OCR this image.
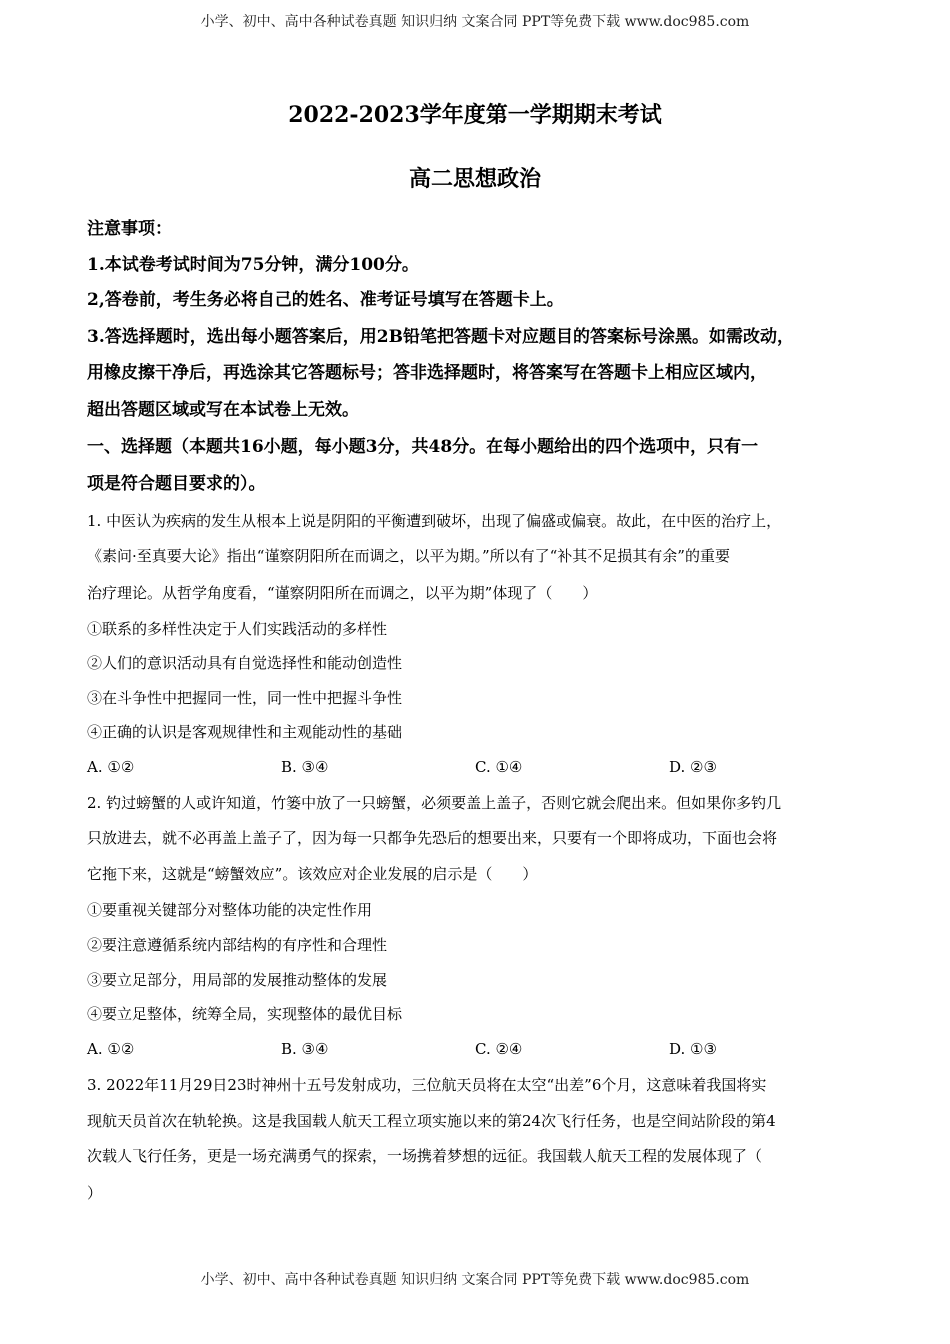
小学、初中、高中各种试卷真题 知识归纳 文案合同 PPT等免费下载 www.doc985.com
2022-2023学年度第一学期期末考试
高二思想政治
注意事项：
1.本试卷考试时间为75分钟，满分100分。
2,答卷前，考生务必将自己的姓名、准考证号填写在答题卡上。
3.答选择题时，选出每小题答案后，用2B铅笔把答题卡对应题目的答案标号涂黑。如需改动，
用橡皮擦干净后，再选涂其它答题标号；答非选择题时，将答案写在答题卡上相应区域内，
超出答题区域或写在本试卷上无效。
一、选择题（本题共16小题，每小题3分，共48分。在每小题给出的四个选项中，只有一
项是符合题目要求的）。
1. 中医认为疾病的发生从根本上说是阴阳的平衡遭到破坏，出现了偏盛或偏衰。故此，在中医的治疗上，
《素问·至真要大论》指出“谨察阴阳所在而调之，以平为期。”所以有了“补其不足损其有余”的重要
治疗理论。从哲学角度看，“谨察阴阳所在而调之，以平为期”体现了（　　）
①联系的多样性决定于人们实践活动的多样性
②人们的意识活动具有自觉选择性和能动创造性
③在斗争性中把握同一性，同一性中把握斗争性
④正确的认识是客观规律性和主观能动性的基础
A. ①②	B. ③④	C. ①④	D. ②③
2. 钓过螃蟹的人或许知道，竹篓中放了一只螃蟹，必须要盖上盖子，否则它就会爬出来。但如果你多钓几
只放进去，就不必再盖上盖子了，因为每一只都争先恐后的想要出来，只要有一个即将成功，下面也会将
它拖下来，这就是“螃蟹效应”。该效应对企业发展的启示是（　　）
①要重视关键部分对整体功能的决定性作用
②要注意遵循系统内部结构的有序性和合理性
③要立足部分，用局部的发展推动整体的发展
④要立足整体，统筹全局，实现整体的最优目标
A. ①②	B. ③④	C. ②④	D. ①③
3. 2022年11月29日23时神州十五号发射成功，三位航天员将在太空“出差”6个月，这意味着我国将实
现航天员首次在轨轮换。这是我国载人航天工程立项实施以来的第24次飞行任务，也是空间站阶段的第4
次载人飞行任务，更是一场充满勇气的探索，一场携着梦想的远征。我国载人航天工程的发展体现了（
）
小学、初中、高中各种试卷真题 知识归纳 文案合同 PPT等免费下载 www.doc985.com
